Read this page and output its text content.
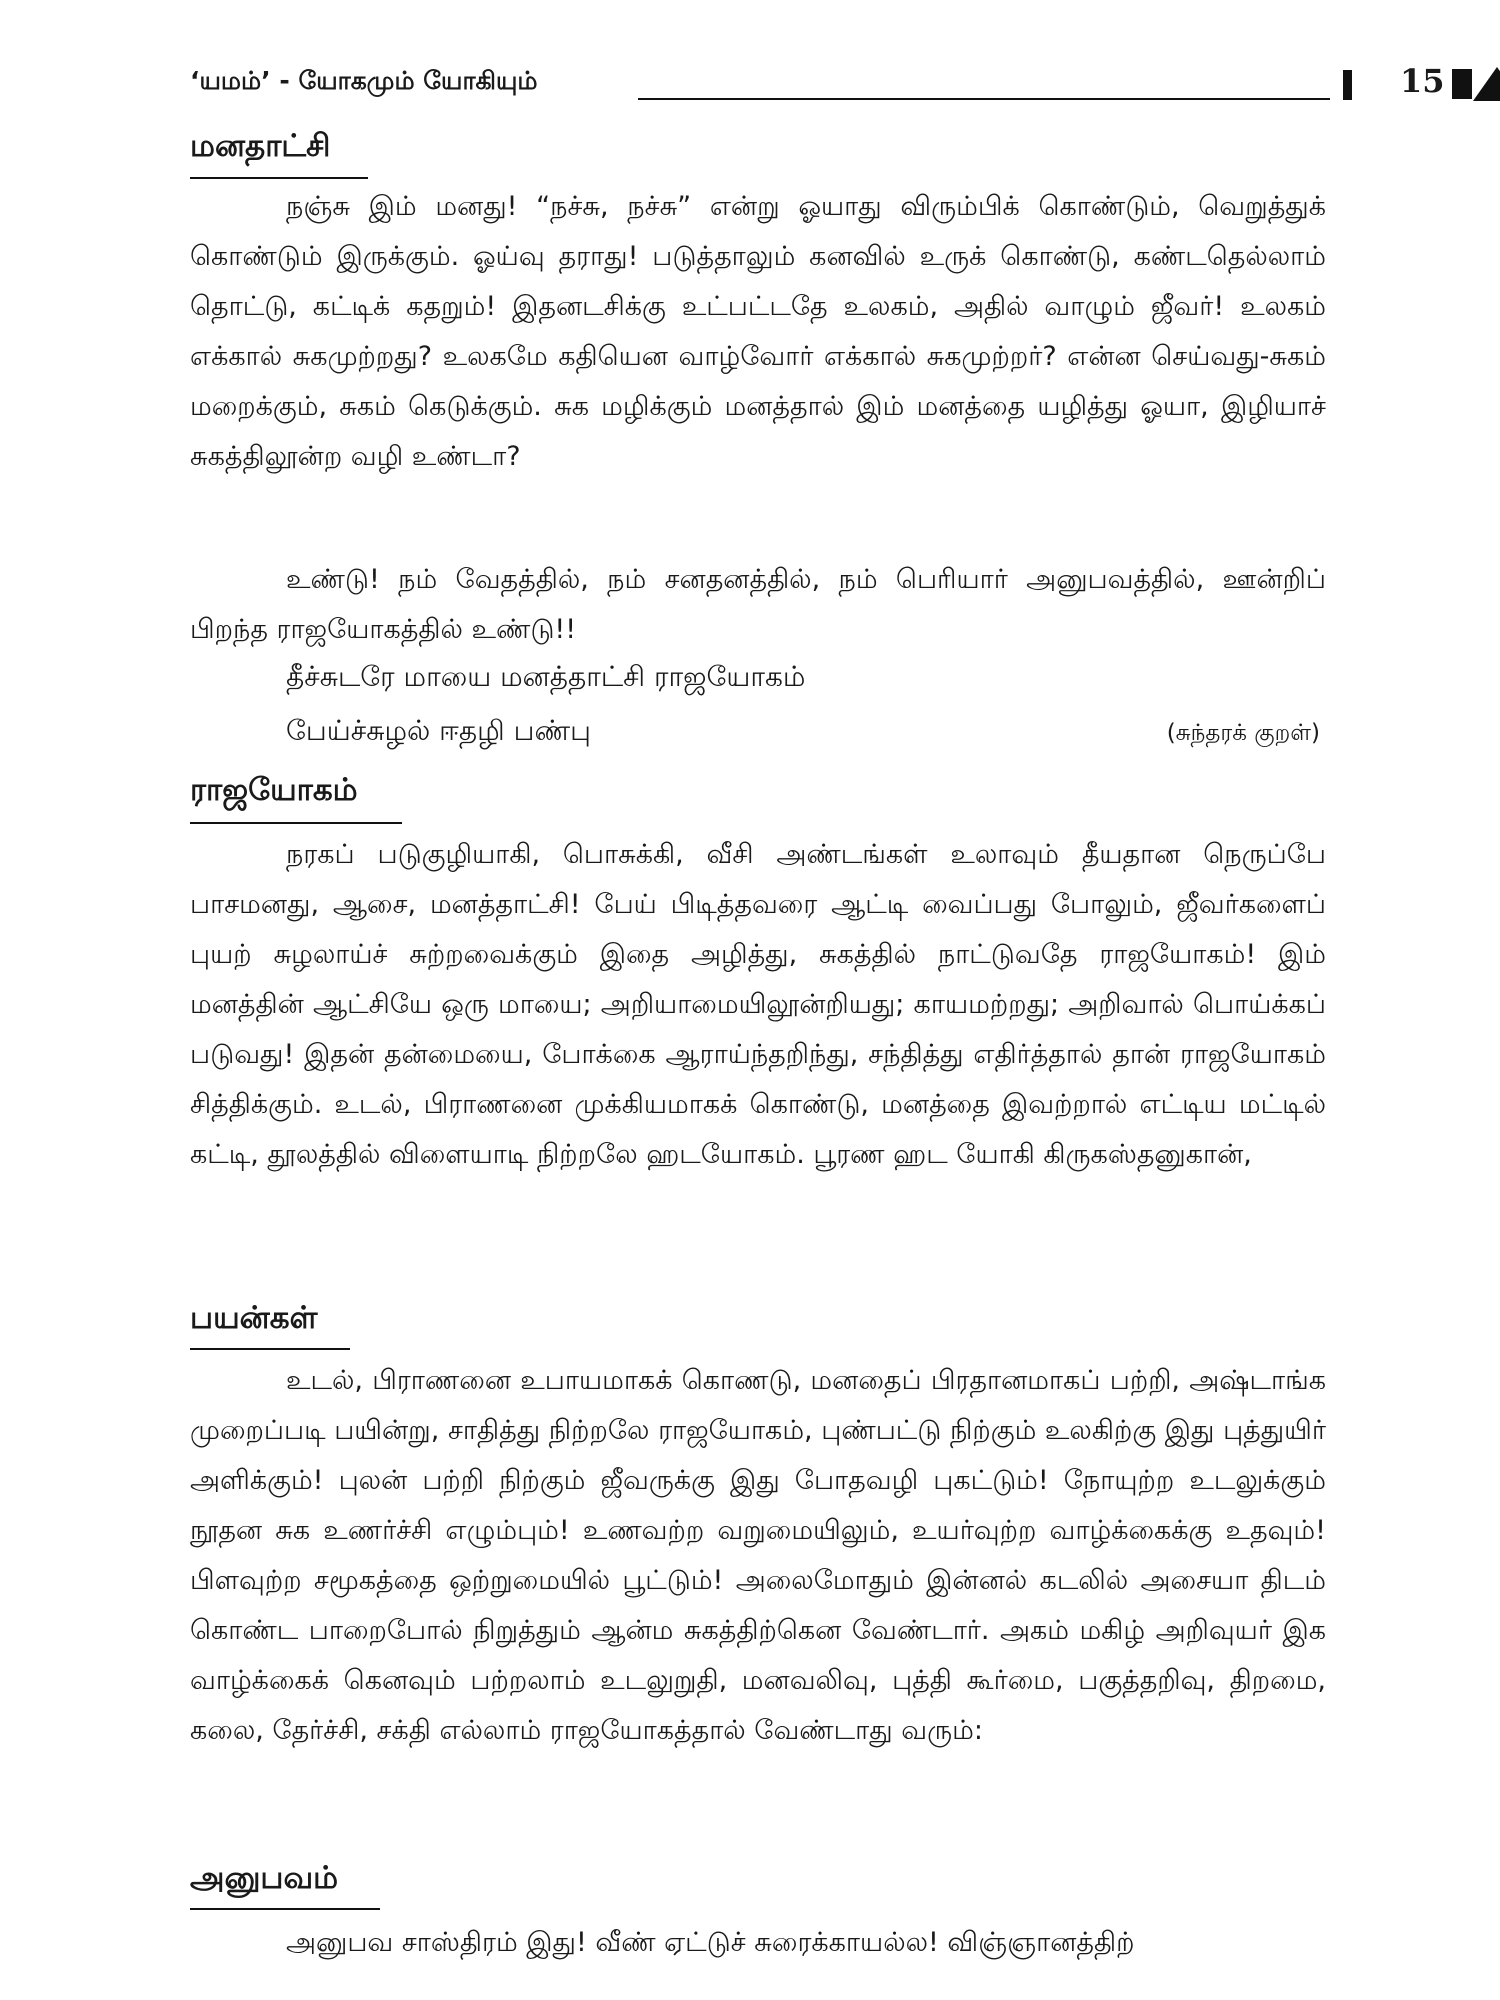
‘யமம்’ - யோகமும் யோகியும்	15
மனதாட்சி

நஞ்சு இம் மனது! “நச்சு, நச்சு” என்று ஓயாது விரும்பிக் கொண்டும், வெறுத்துக் கொண்டும் இருக்கும். ஓய்வு தராது! படுத்தாலும் கனவில் உருக் கொண்டு, கண்டதெல்லாம் தொட்டு, கட்டிக் கதறும்! இதனடசிக்கு உட்பட்டதே உலகம், அதில் வாழும் ஜீவர்! உலகம் எக்கால் சுகமுற்றது? உலகமே கதியென வாழ்வோர் எக்கால் சுகமுற்றர்? என்ன செய்வது-சுகம் மறைக்கும், சுகம் கெடுக்கும். சுக மழிக்கும் மனத்தால் இம் மனத்தை யழித்து ஓயா, இழியாச் சுகத்திலூன்ற வழி உண்டா?

உண்டு! நம் வேதத்தில், நம் சனதனத்தில், நம் பெரியார் அனுபவத்தில், ஊன்றிப் பிறந்த ராஜயோகத்தில் உண்டு!!

தீச்சுடரே மாயை மனத்தாட்சி ராஜயோகம்
பேய்ச்சுழல் ஈதழி பண்பு	(சுந்தரக் குறள்)
ராஜயோகம்

நரகப் படுகுழியாகி, பொசுக்கி, வீசி அண்டங்கள் உலாவும் தீயதான நெருப்பே பாசமனது, ஆசை, மனத்தாட்சி! பேய் பிடித்தவரை ஆட்டி வைப்பது போலும், ஜீவர்களைப் புயற் சுழலாய்ச் சுற்றவைக்கும் இதை அழித்து, சுகத்தில் நாட்டுவதே ராஜயோகம்! இம் மனத்தின் ஆட்சியே ஒரு மாயை; அறியாமையிலூன்றியது; காயமற்றது; அறிவால் பொய்க்கப் படுவது! இதன் தன்மையை, போக்கை ஆராய்ந்தறிந்து, சந்தித்து எதிர்த்தால் தான் ராஜயோகம் சித்திக்கும். உடல், பிராணனை முக்கியமாகக் கொண்டு, மனத்தை இவற்றால் எட்டிய மட்டில் கட்டி, தூலத்தில் விளையாடி நிற்றலே ஹடயோகம். பூரண ஹட யோகி கிருகஸ்தனுகான்,

பயன்கள்

உடல், பிராணனை உபாயமாகக் கொணடு, மனதைப் பிரதானமாகப் பற்றி, அஷ்டாங்க முறைப்படி பயின்று, சாதித்து நிற்றலே ராஜயோகம், புண்பட்டு நிற்கும் உலகிற்கு இது புத்துயிர் அளிக்கும்! புலன் பற்றி நிற்கும் ஜீவருக்கு இது போதவழி புகட்டும்! நோயுற்ற உடலுக்கும் நூதன சுக உணர்ச்சி எழும்பும்! உணவற்ற வறுமையிலும், உயர்வுற்ற வாழ்க்கைக்கு உதவும்! பிளவுற்ற சமூகத்தை ஒற்றுமையில் பூட்டும்! அலைமோதும் இன்னல் கடலில் அசையா திடம் கொண்ட பாறைபோல் நிறுத்தும் ஆன்ம சுகத்திற்கென வேண்டார். அகம் மகிழ் அறிவுயர் இக வாழ்க்கைக் கெனவும் பற்றலாம் உடலுறுதி, மனவலிவு, புத்தி கூர்மை, பகுத்தறிவு, திறமை, கலை, தேர்ச்சி, சக்தி எல்லாம் ராஜயோகத்தால் வேண்டாது வரும்:

அனுபவம்

அனுபவ சாஸ்திரம் இது! வீண் ஏட்டுச் சுரைக்காயல்ல! விஞ்ஞானத்திற்
